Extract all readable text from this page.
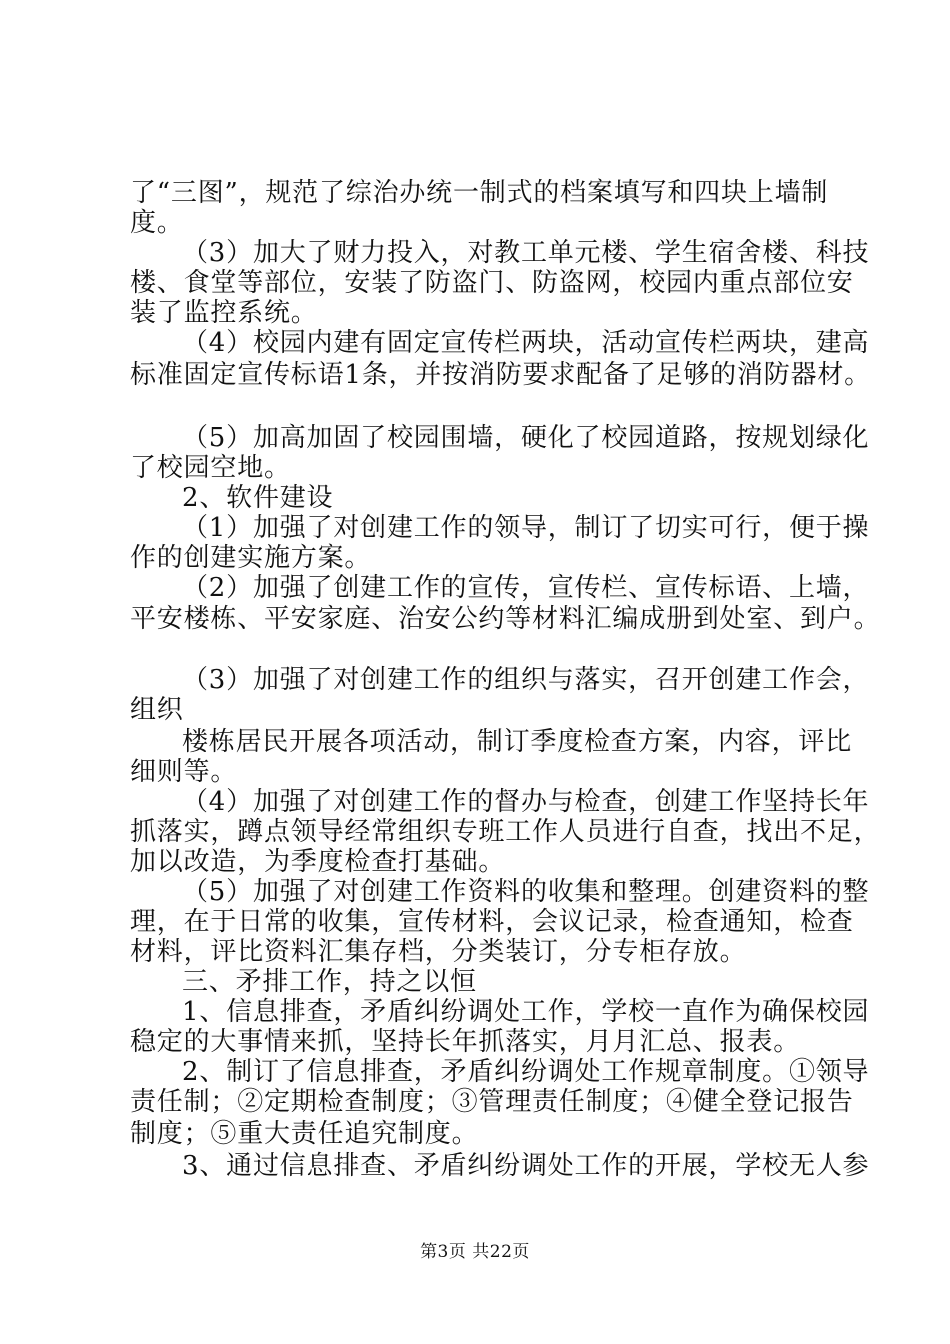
了“三图”，规范了综治办统一制式的档案填写和四块上墙制
度。
（3）加大了财力投入，对教工单元楼、学生宿舍楼、科技
楼、食堂等部位，安装了防盗门、防盗网，校园内重点部位安
装了监控系统。
（4）校园内建有固定宣传栏两块，活动宣传栏两块，建高
标准固定宣传标语1条，并按消防要求配备了足够的消防器材。
（5）加高加固了校园围墙，硬化了校园道路，按规划绿化
了校园空地。
2、软件建设
（1）加强了对创建工作的领导，制订了切实可行，便于操
作的创建实施方案。
（2）加强了创建工作的宣传，宣传栏、宣传标语、上墙，
平安楼栋、平安家庭、治安公约等材料汇编成册到处室、到户。
（3）加强了对创建工作的组织与落实，召开创建工作会，
组织
楼栋居民开展各项活动，制订季度检查方案，内容，评比
细则等。
（4）加强了对创建工作的督办与检查，创建工作坚持长年
抓落实，蹲点领导经常组织专班工作人员进行自查，找出不足，
加以改造，为季度检查打基础。
（5）加强了对创建工作资料的收集和整理。创建资料的整
理，在于日常的收集，宣传材料，会议记录，检查通知，检查
材料，评比资料汇集存档，分类装订，分专柜存放。
三、矛排工作，持之以恒
1、信息排查，矛盾纠纷调处工作，学校一直作为确保校园
稳定的大事情来抓，坚持长年抓落实，月月汇总、报表。
2、制订了信息排查，矛盾纠纷调处工作规章制度。①领导
责任制；②定期检查制度；③管理责任制度；④健全登记报告
制度；⑤重大责任追究制度。
3、通过信息排查、矛盾纠纷调处工作的开展，学校无人参
第3页 共22页
